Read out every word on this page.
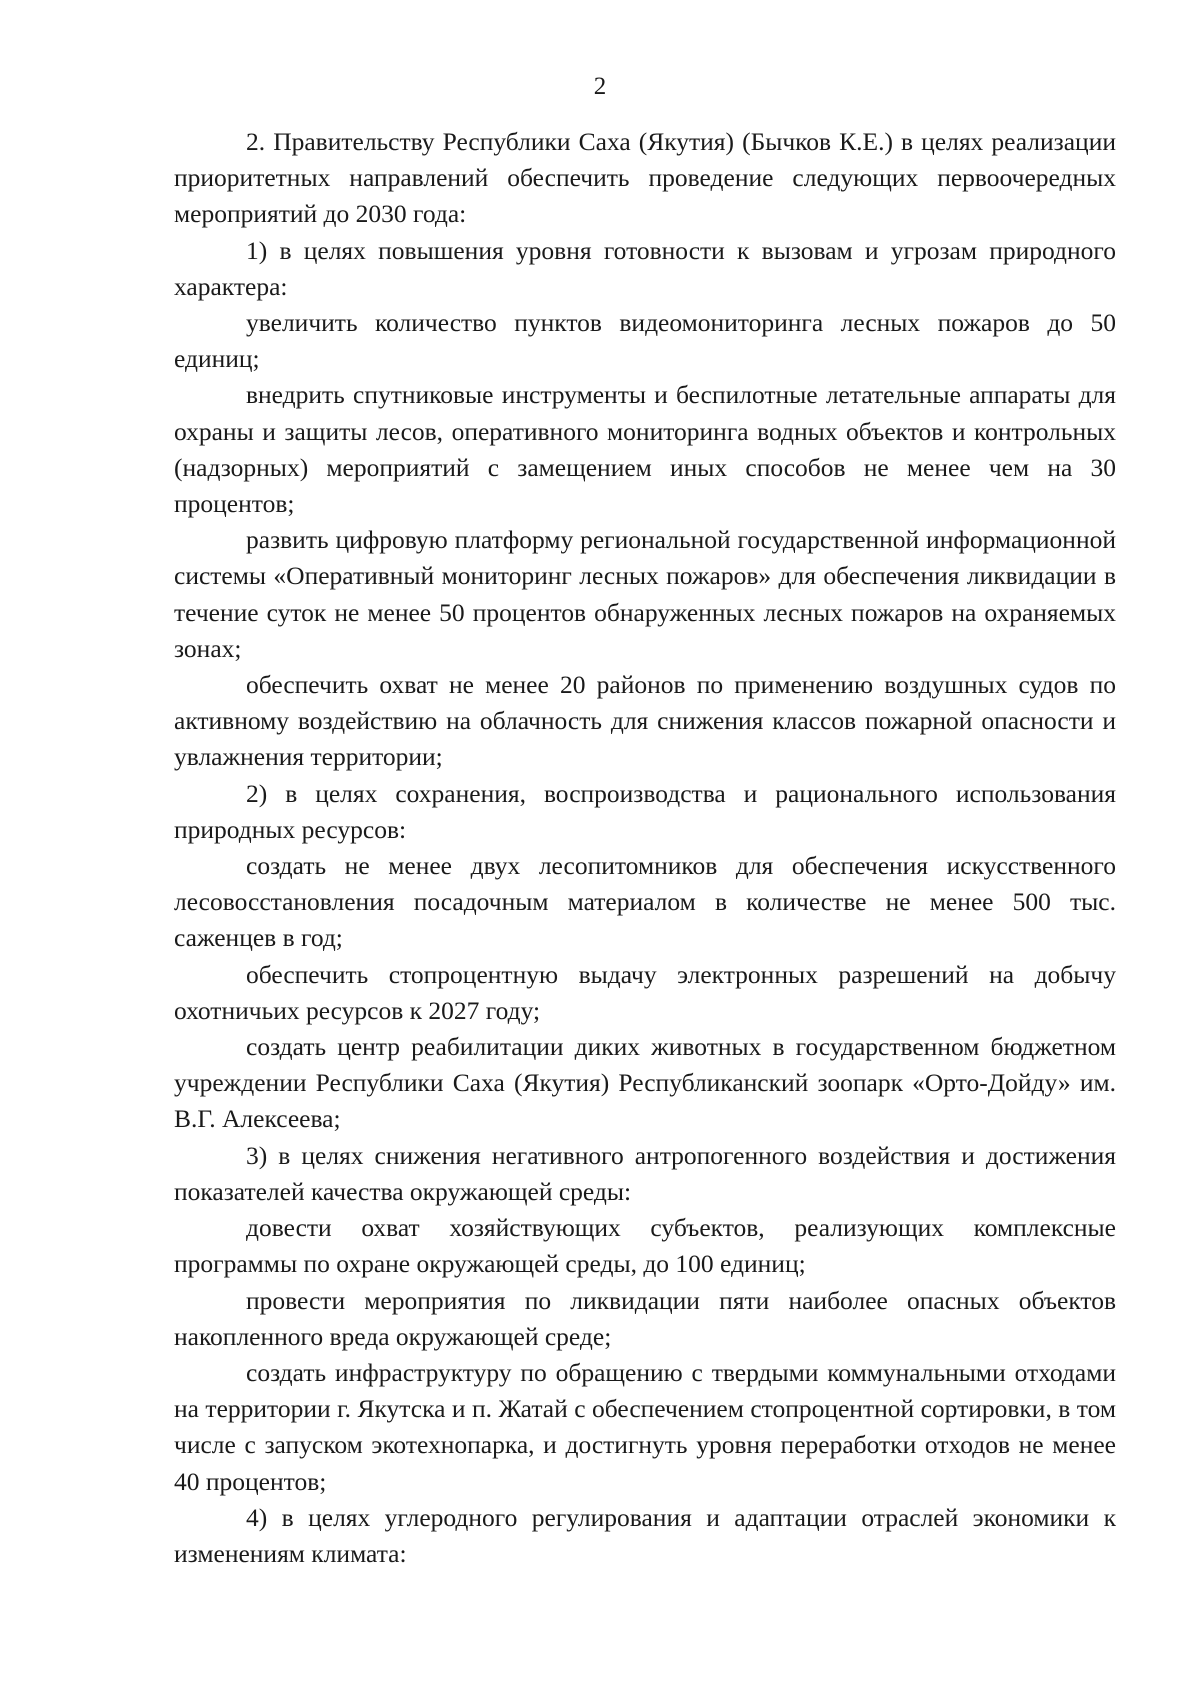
2

2. Правительству Республики Саха (Якутия) (Бычков К.Е.) в целях реализации приоритетных направлений обеспечить проведение следующих первоочередных мероприятий до 2030 года:

1) в целях повышения уровня готовности к вызовам и угрозам природного характера:

увеличить количество пунктов видеомониторинга лесных пожаров до 50 единиц;

внедрить спутниковые инструменты и беспилотные летательные аппараты для охраны и защиты лесов, оперативного мониторинга водных объектов и контрольных (надзорных) мероприятий с замещением иных способов не менее чем на 30 процентов;

развить цифровую платформу региональной государственной информационной системы «Оперативный мониторинг лесных пожаров» для обеспечения ликвидации в течение суток не менее 50 процентов обнаруженных лесных пожаров на охраняемых зонах;

обеспечить охват не менее 20 районов по применению воздушных судов по активному воздействию на облачность для снижения классов пожарной опасности и увлажнения территории;

2) в целях сохранения, воспроизводства и рационального использования природных ресурсов:

создать не менее двух лесопитомников для обеспечения искусственного лесовосстановления посадочным материалом в количестве не менее 500 тыс. саженцев в год;

обеспечить стопроцентную выдачу электронных разрешений на добычу охотничьих ресурсов к 2027 году;

создать центр реабилитации диких животных в государственном бюджетном учреждении Республики Саха (Якутия) Республиканский зоопарк «Орто-Дойду» им. В.Г. Алексеева;

3) в целях снижения негативного антропогенного воздействия и достижения показателей качества окружающей среды:

довести охват хозяйствующих субъектов, реализующих комплексные программы по охране окружающей среды, до 100 единиц;

провести мероприятия по ликвидации пяти наиболее опасных объектов накопленного вреда окружающей среде;

создать инфраструктуру по обращению с твердыми коммунальными отходами на территории г. Якутска и п. Жатай с обеспечением стопроцентной сортировки, в том числе с запуском экотехнопарка, и достигнуть уровня переработки отходов не менее 40 процентов;

4) в целях углеродного регулирования и адаптации отраслей экономики к изменениям климата:
